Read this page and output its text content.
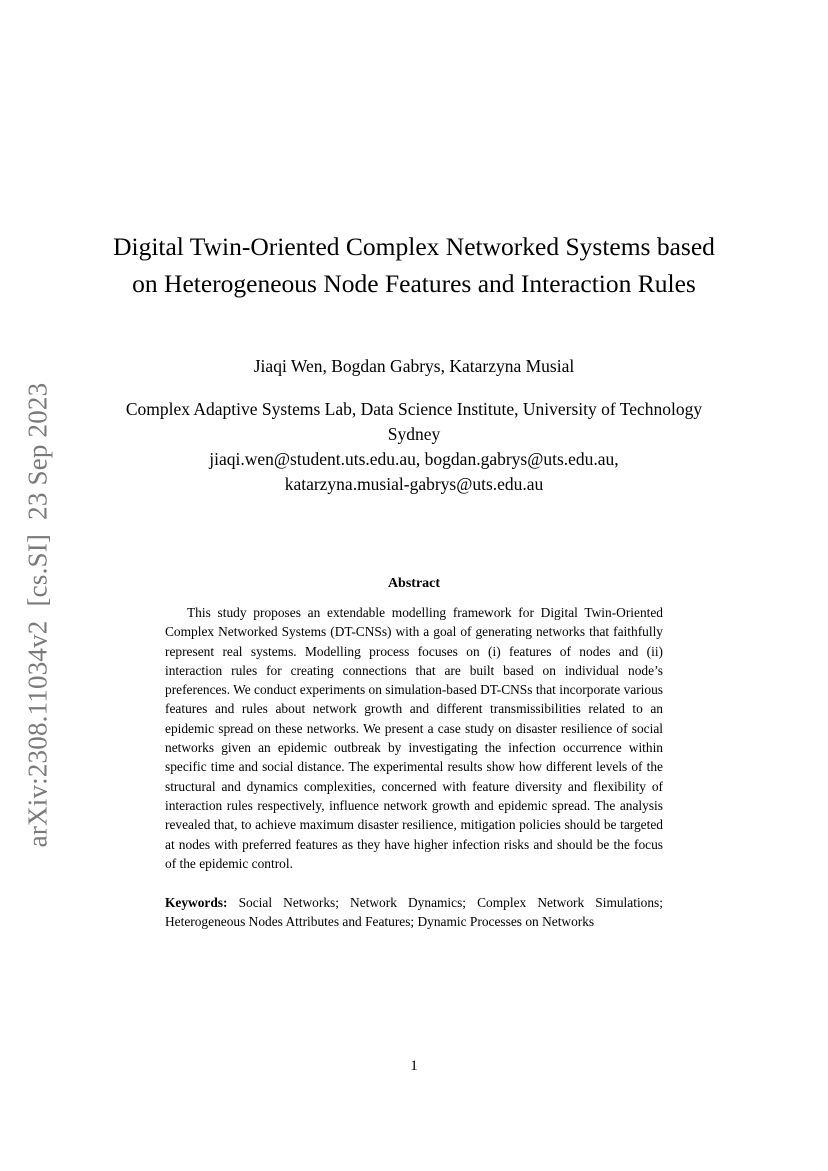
arXiv:2308.11034v2[cs.SI]23 Sep 2023
Digital Twin-Oriented Complex Networked Systems based on Heterogeneous Node Features and Interaction Rules
Jiaqi Wen, Bogdan Gabrys, Katarzyna Musial
Complex Adaptive Systems Lab, Data Science Institute, University of Technology Sydney
jiaqi.wen@student.uts.edu.au, bogdan.gabrys@uts.edu.au,
katarzyna.musial-gabrys@uts.edu.au
Abstract
This study proposes an extendable modelling framework for Digital Twin-Oriented Complex Networked Systems (DT-CNSs) with a goal of generating networks that faithfully represent real systems. Modelling process focuses on (i) features of nodes and (ii) interaction rules for creating connections that are built based on individual node’s preferences. We conduct experiments on simulation-based DT-CNSs that incorporate various features and rules about network growth and different transmissibilities related to an epidemic spread on these networks. We present a case study on disaster resilience of social networks given an epidemic outbreak by investigating the infection occurrence within specific time and social distance. The experimental results show how different levels of the structural and dynamics complexities, concerned with feature diversity and flexibility of interaction rules respectively, influence network growth and epidemic spread. The analysis revealed that, to achieve maximum disaster resilience, mitigation policies should be targeted at nodes with preferred features as they have higher infection risks and should be the focus of the epidemic control.
Keywords: Social Networks; Network Dynamics; Complex Network Simulations; Heterogeneous Nodes Attributes and Features; Dynamic Processes on Networks
1
